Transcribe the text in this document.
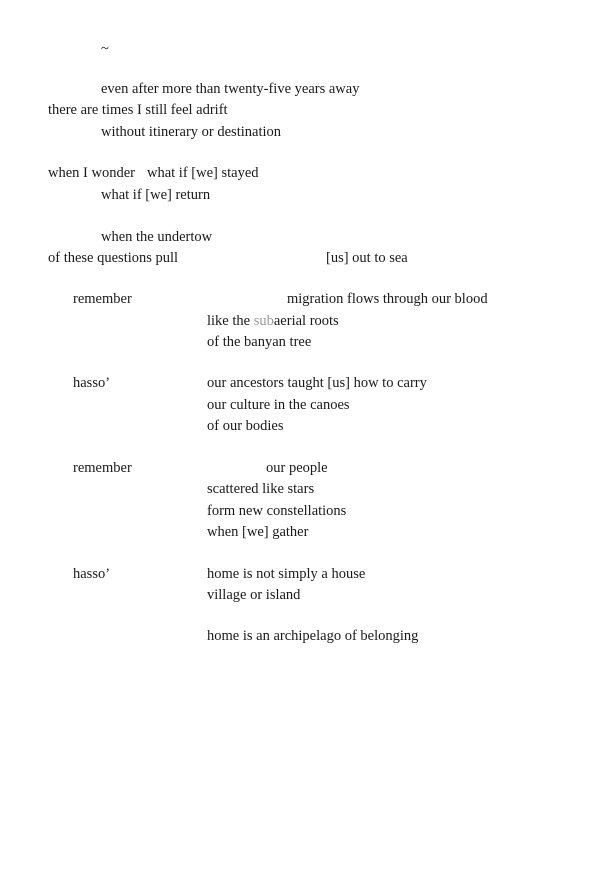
~
even after more than twenty-five years away
there are times I still feel adrift
without itinerary or destination
when I wonder what if [we] stayed
what if [we] return
when the undertow
of these questions pull	[us] out to sea
remember	migration flows through our blood
like the subaerial roots
of the banyan tree
hasso’	our ancestors taught [us] how to carry
our culture in the canoes
of our bodies
remember	our people
scattered like stars
form new constellations
when [we] gather
hasso’	home is not simply a house
village or island
home is an archipelago of belonging
